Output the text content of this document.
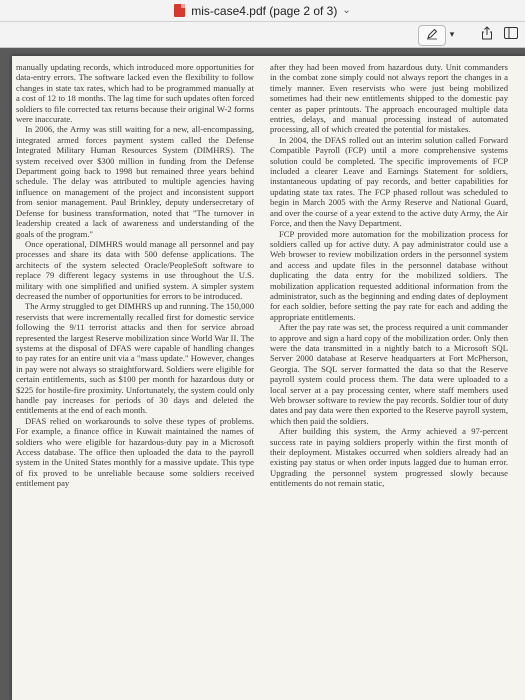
mis-case4.pdf (page 2 of 3) ⌄
▾

manually updating records, which introduced more opportunities for data-entry errors. The software lacked even the flexibility to follow changes in state tax rates, which had to be programmed manually at a cost of 12 to 18 months. The lag time for such updates often forced soldiers to file corrected tax returns because their original W-2 forms were inaccurate.

In 2006, the Army was still waiting for a new, all-encompassing, integrated armed forces payment system called the Defense Integrated Military Human Resources System (DIMHRS). The system received over $300 million in funding from the Defense Department going back to 1998 but remained three years behind schedule. The delay was attributed to multiple agencies having influence on management of the project and inconsistent support from senior management. Paul Brinkley, deputy undersecretary of Defense for business transformation, noted that "The turnover in leadership created a lack of awareness and understanding of the goals of the program."

Once operational, DIMHRS would manage all personnel and pay processes and share its data with 500 defense applications. The architects of the system selected Oracle/PeopleSoft software to replace 79 different legacy systems in use throughout the U.S. military with one simplified and unified system. A simpler system decreased the number of opportunities for errors to be introduced.

The Army struggled to get DIMHRS up and running. The 150,000 reservists that were incrementally recalled first for domestic service following the 9/11 terrorist attacks and then for service abroad represented the largest Reserve mobilization since World War II. The systems at the disposal of DFAS were capable of handling changes to pay rates for an entire unit via a "mass update." However, changes in pay were not always so straightforward. Soldiers were eligible for certain entitlements, such as $100 per month for hazardous duty or $225 for hostile-fire proximity. Unfortunately, the system could only handle pay increases for periods of 30 days and deleted the entitlements at the end of each month.

DFAS relied on workarounds to solve these types of problems. For example, a finance office in Kuwait maintained the names of soldiers who were eligible for hazardous-duty pay in a Microsoft Access database. The office then uploaded the data to the payroll system in the United States monthly for a massive update. This type of fix proved to be unreliable because some soldiers received entitlement pay

after they had been moved from hazardous duty. Unit commanders in the combat zone simply could not always report the changes in a timely manner. Even reservists who were just being mobilized sometimes had their new entitlements shipped to the domestic pay center as paper printouts. The approach encouraged multiple data entries, delays, and manual processing instead of automated processing, all of which created the potential for mistakes.

In 2004, the DFAS rolled out an interim solution called Forward Compatible Payroll (FCP) until a more comprehensive systems solution could be completed. The specific improvements of FCP included a clearer Leave and Earnings Statement for soldiers, instantaneous updating of pay records, and better capabilities for updating state tax rates. The FCP phased rollout was scheduled to begin in March 2005 with the Army Reserve and National Guard, and over the course of a year extend to the active duty Army, the Air Force, and then the Navy Department.

FCP provided more automation for the mobilization process for soldiers called up for active duty. A pay administrator could use a Web browser to review mobilization orders in the personnel system and access and update files in the personnel database without duplicating the data entry for the mobilized soldiers. The mobilization application requested additional information from the administrator, such as the beginning and ending dates of deployment for each soldier, before setting the pay rate for each and adding the appropriate entitlements.

After the pay rate was set, the process required a unit commander to approve and sign a hard copy of the mobilization order. Only then were the data transmitted in a nightly batch to a Microsoft SQL Server 2000 database at Reserve headquarters at Fort McPherson, Georgia. The SQL server formatted the data so that the Reserve payroll system could process them. The data were uploaded to a local server at a pay processing center, where staff members used Web browser software to review the pay records. Soldier tour of duty dates and pay data were then exported to the Reserve payroll system, which then paid the soldiers.

After building this system, the Army achieved a 97-percent success rate in paying soldiers properly within the first month of their deployment. Mistakes occurred when soldiers already had an existing pay status or when order inputs lagged due to human error. Upgrading the personnel system progressed slowly because entitlements do not remain static,
